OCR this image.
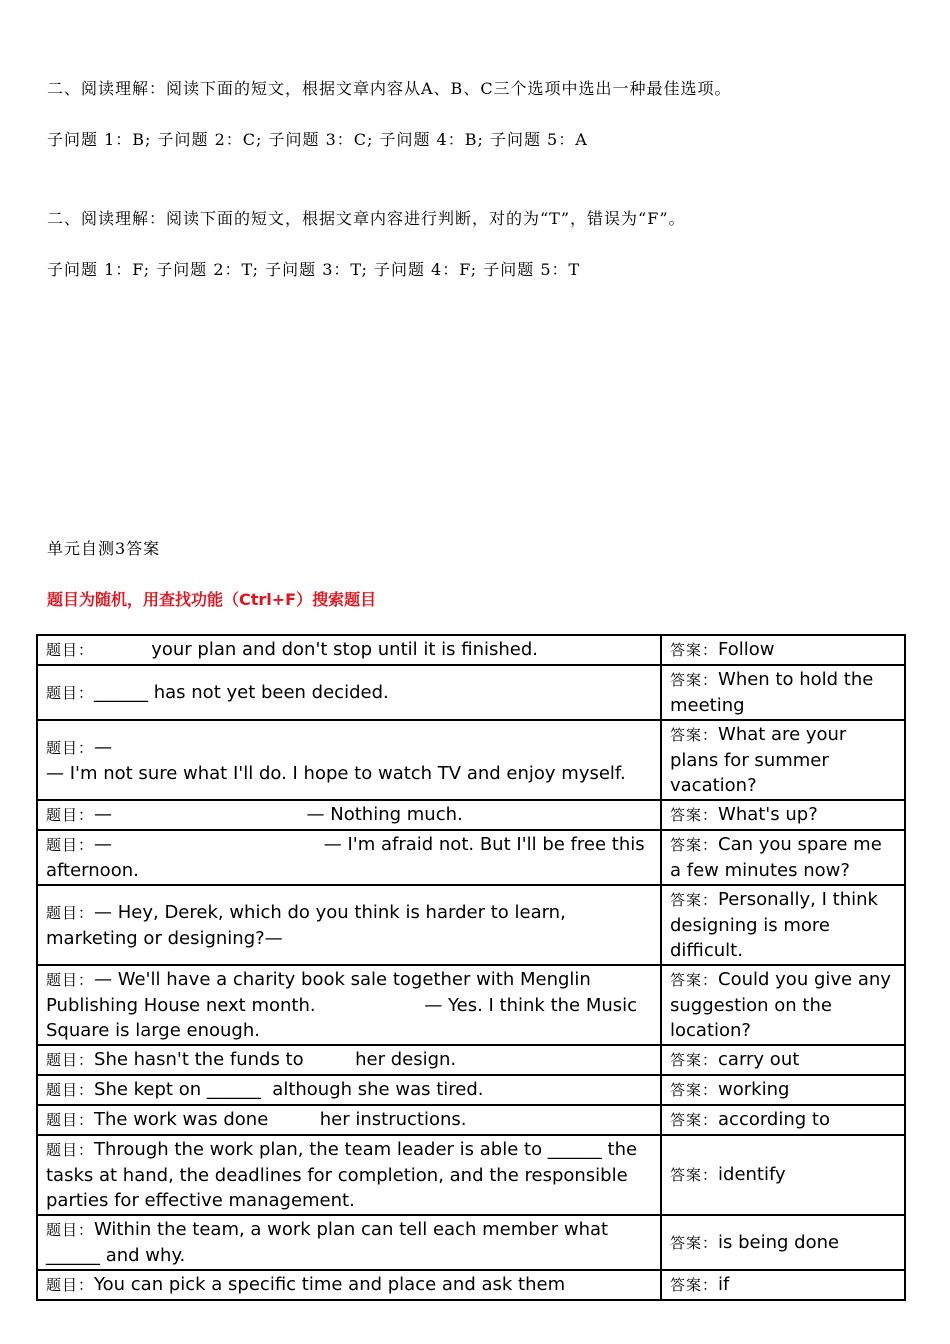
二、阅读理解：阅读下面的短文，根据文章内容从A、B、C三个选项中选出一种最佳选项。
子问题 1：B; 子问题 2：C; 子问题 3：C; 子问题 4：B; 子问题 5：A
二、阅读理解：阅读下面的短文，根据文章内容进行判断，对的为“T”，错误为“F”。
子问题 1：F; 子问题 2：T; 子问题 3：T; 子问题 4：F; 子问题 5：T
单元自测3答案
题目为随机，用查找功能（Ctrl+F）搜索题目
题目：          your plan and don't stop until it is finished.	答案：Follow
题目：______ has not yet been decided.	答案：When to hold the meeting
题目：—
— I'm not sure what I'll do. I hope to watch TV and enjoy myself.	答案：What are your plans for summer vacation?
题目：—                                  — Nothing much.	答案：What's up?
题目：—                                     — I'm afraid not. But I'll be free this afternoon.	答案：Can you spare me a few minutes now?
题目：— Hey, Derek, which do you think is harder to learn, marketing or designing?—	答案：Personally, I think designing is more difficult.
题目：— We'll have a charity book sale together with Menglin Publishing House next month.                   — Yes. I think the Music Square is large enough.	答案：Could you give any suggestion on the location?
题目：She hasn't the funds to         her design.	答案：carry out
题目：She kept on ______  although she was tired.	答案：working
题目：The work was done         her instructions.	答案：according to
题目：Through the work plan, the team leader is able to ______ the tasks at hand, the deadlines for completion, and the responsible parties for effective management.	答案：identify
题目：Within the team, a work plan can tell each member what ______ and why.	答案：is being done
题目：You can pick a specific time and place and ask them	答案：if
